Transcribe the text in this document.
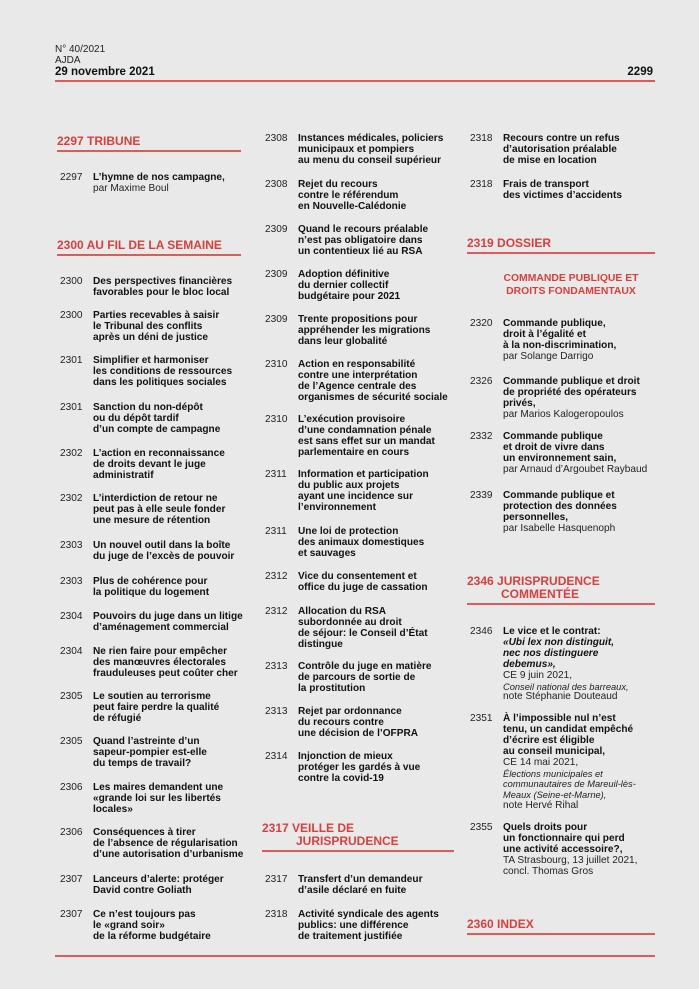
N° 40/2021
AJDA
29 novembre 2021	2299
2297 TRIBUNE
2297 L’hymne de nos campagne,
par Maxime Boul
2300 AU FIL DE LA SEMAINE
2300 Des perspectives financières
favorables pour le bloc local
2300 Parties recevables à saisir
le Tribunal des conflits
après un déni de justice
2301 Simplifier et harmoniser
les conditions de ressources
dans les politiques sociales
2301 Sanction du non-dépôt
ou du dépôt tardif
d’un compte de campagne
2302 L’action en reconnaissance
de droits devant le juge
administratif
2302 L’interdiction de retour ne
peut pas à elle seule fonder
une mesure de rétention
2303 Un nouvel outil dans la boîte
du juge de l’excès de pouvoir
2303 Plus de cohérence pour
la politique du logement
2304 Pouvoirs du juge dans un litige
d’aménagement commercial
2304 Ne rien faire pour empêcher
des manœuvres électorales
frauduleuses peut coûter cher
2305 Le soutien au terrorisme
peut faire perdre la qualité
de réfugié
2305 Quand l’astreinte d’un
sapeur-pompier est-elle
du temps de travail?
2306 Les maires demandent une
«grande loi sur les libertés
locales»
2306 Conséquences à tirer
de l’absence de régularisation
d’une autorisation d’urbanisme
2307 Lanceurs d’alerte: protéger
David contre Goliath
2307 Ce n’est toujours pas
le «grand soir»
de la réforme budgétaire
2308 Instances médicales, policiers
municipaux et pompiers
au menu du conseil supérieur
2308 Rejet du recours
contre le référendum
en Nouvelle-Calédonie
2309 Quand le recours préalable
n’est pas obligatoire dans
un contentieux lié au RSA
2309 Adoption définitive
du dernier collectif
budgétaire pour 2021
2309 Trente propositions pour
appréhender les migrations
dans leur globalité
2310 Action en responsabilité
contre une interprétation
de l’Agence centrale des
organismes de sécurité sociale
2310 L’exécution provisoire
d’une condamnation pénale
est sans effet sur un mandat
parlementaire en cours
2311 Information et participation
du public aux projets
ayant une incidence sur
l’environnement
2311 Une loi de protection
des animaux domestiques
et sauvages
2312 Vice du consentement et
office du juge de cassation
2312 Allocation du RSA
subordonnée au droit
de séjour: le Conseil d’État
distingue
2313 Contrôle du juge en matière
de parcours de sortie de
la prostitution
2313 Rejet par ordonnance
du recours contre
une décision de l’OFPRA
2314 Injonction de mieux
protéger les gardés à vue
contre la covid-19
2317 VEILLE DE
JURISPRUDENCE
2317 Transfert d’un demandeur
d’asile déclaré en fuite
2318 Activité syndicale des agents
publics: une différence
de traitement justifiée
2318 Recours contre un refus
d’autorisation préalable
de mise en location
2318 Frais de transport
des victimes d’accidents
2319 DOSSIER
COMMANDE PUBLIQUE ET
DROITS FONDAMENTAUX
2320 Commande publique,
droit à l’égalité et
à la non-discrimination,
par Solange Darrigo
2326 Commande publique et droit
de propriété des opérateurs
privés,
par Marios Kalogeropoulos
2332 Commande publique
et droit de vivre dans
un environnement sain,
par Arnaud d’Argoubet Raybaud
2339 Commande publique et
protection des données
personnelles,
par Isabelle Hasquenoph
2346 JURISPRUDENCE
COMMENTÉE
2346 Le vice et le contrat:
«Ubi lex non distinguit,
nec nos distinguere
debemus»,
CE 9 juin 2021,
Conseil national des barreaux,
note Stéphanie Douteaud
2351 À l’impossible nul n’est
tenu, un candidat empêché
d’écrire est éligible
au conseil municipal,
CE 14 mai 2021,
Élections municipales et
communautaires de Mareuil-lès-
Meaux (Seine-et-Marne),
note Hervé Rihal
2355 Quels droits pour
un fonctionnaire qui perd
une activité accessoire?,
TA Strasbourg, 13 juillet 2021,
concl. Thomas Gros
2360 INDEX
